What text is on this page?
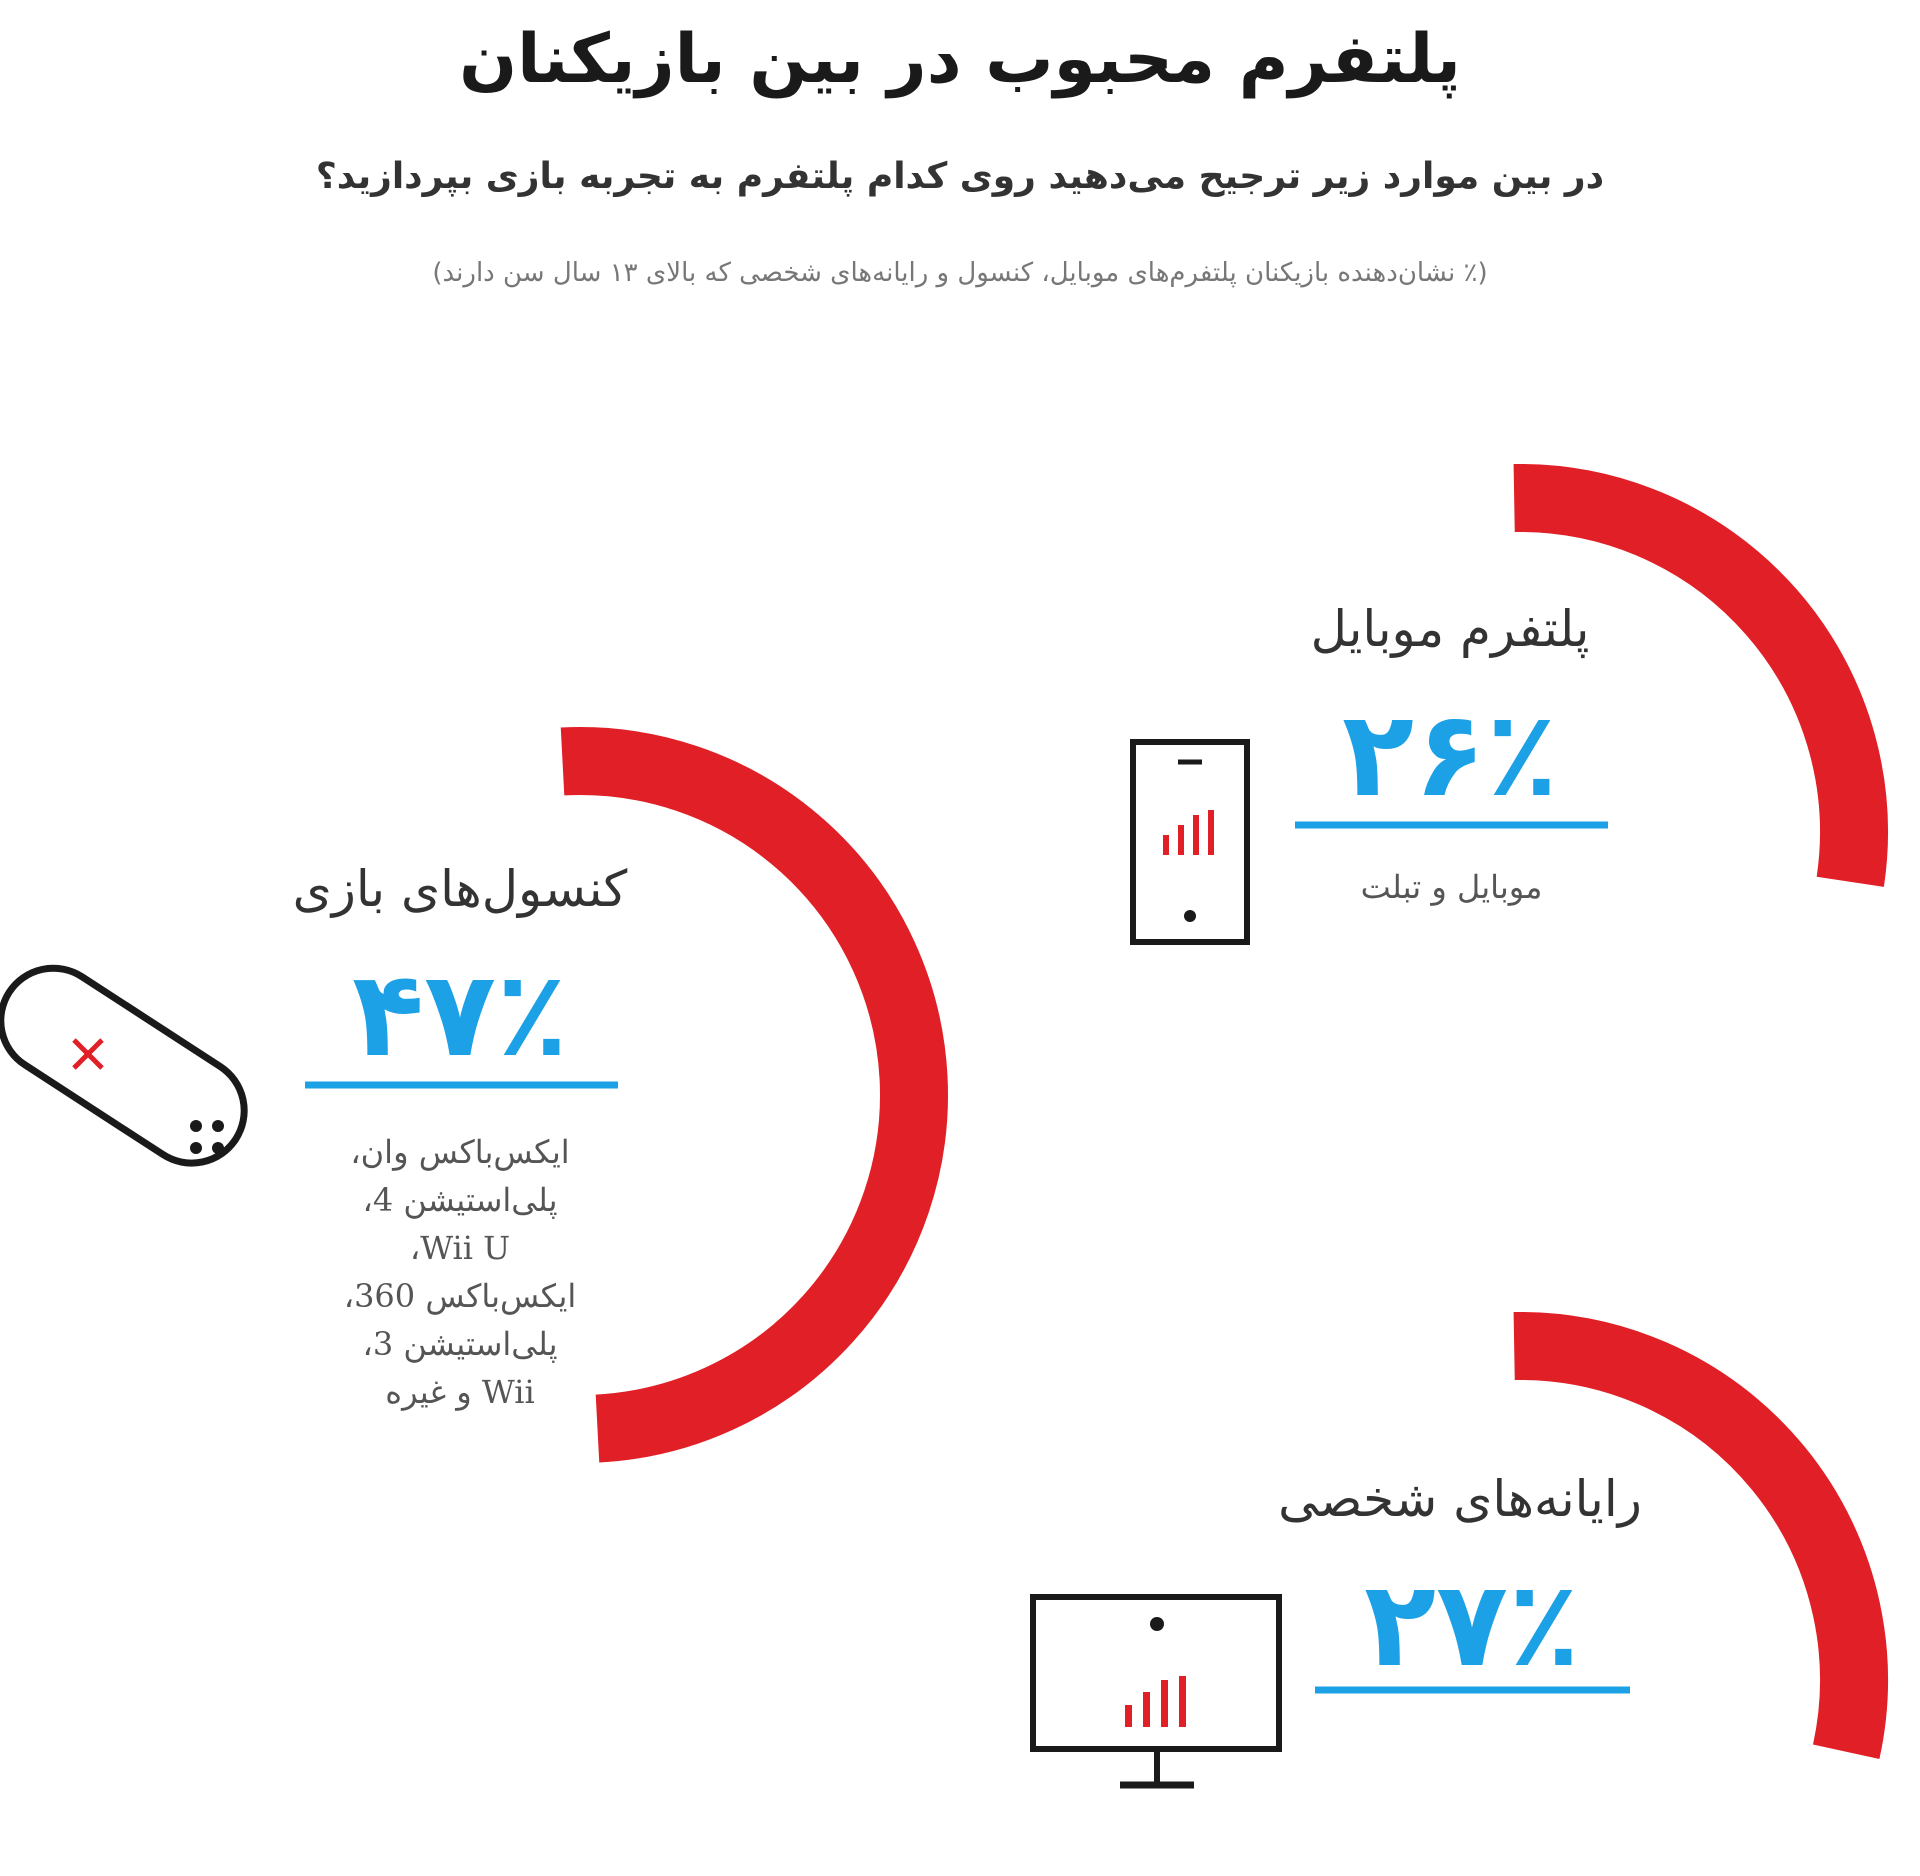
پلتفرم محبوب در بین بازیکنان
در بین موارد زیر ترجیح می‌دهید روی کدام پلتفرم به تجربه بازی بپردازید؟
(٪ نشان‌دهنده بازیکنان پلتفرم‌های موبایل، کنسول و رایانه‌های شخصی که بالای ۱۳ سال سن دارند)
پلتفرم موبایل
۲۶٪
موبایل و تبلت
کنسول‌های بازی
۴۷٪
ایکس‌باکس وان،
پلی‌استیشن 4،
Wii U،
ایکس‌باکس 360،
پلی‌استیشن 3،
Wii و غیره
رایانه‌های شخصی
۲۷٪
